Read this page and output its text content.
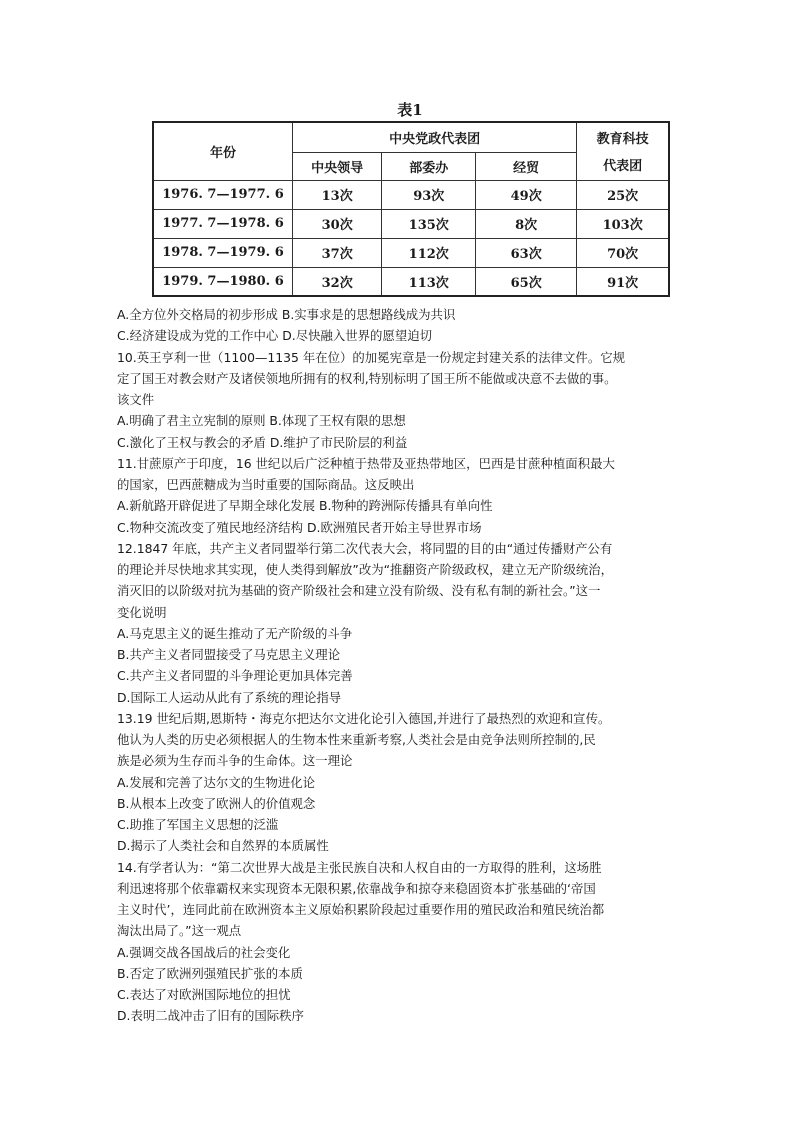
表1
年份	中央党政代表团			教育科技
代表团

	中央领导	部委办	经贸	
1976. 7—1977. 6	13次	93次	49次	25次
1977. 7—1978. 6	30次	135次	8次	103次
1978. 7—1979. 6	37次	112次	63次	70次
1979. 7—1980. 6	32次	113次	65次	91次

A.全方位外交格局的初步形成 B.实事求是的思想路线成为共识

C.经济建设成为党的工作中心 D.尽快融入世界的愿望迫切

10.英王亨利一世（1100—1135 年在位）的加冕宪章是一份规定封建关系的法律文件。它规

定了国王对教会财产及诸侯领地所拥有的权利,特别标明了国王所不能做或决意不去做的事。

该文件

A.明确了君主立宪制的原则 B.体现了王权有限的思想

C.激化了王权与教会的矛盾 D.维护了市民阶层的利益

11.甘蔗原产于印度，16 世纪以后广泛种植于热带及亚热带地区，巴西是甘蔗种植面积最大

的国家，巴西蔗糖成为当时重要的国际商品。这反映出

A.新航路开辟促进了早期全球化发展 B.物种的跨洲际传播具有单向性

C.物种交流改变了殖民地经济结构 D.欧洲殖民者开始主导世界市场

12.1847 年底，共产主义者同盟举行第二次代表大会，将同盟的目的由“通过传播财产公有

的理论并尽快地求其实现，使人类得到解放”改为“推翻资产阶级政权，建立无产阶级统治，

消灭旧的以阶级对抗为基础的资产阶级社会和建立没有阶级、没有私有制的新社会。”这一

变化说明

A.马克思主义的诞生推动了无产阶级的斗争

B.共产主义者同盟接受了马克思主义理论

C.共产主义者同盟的斗争理论更加具体完善

D.国际工人运动从此有了系统的理论指导

13.19 世纪后期,恩斯特・海克尔把达尔文进化论引入德国,并进行了最热烈的欢迎和宣传。

他认为人类的历史必须根据人的生物本性来重新考察,人类社会是由竞争法则所控制的,民

族是必须为生存而斗争的生命体。这一理论

A.发展和完善了达尔文的生物进化论

B.从根本上改变了欧洲人的价值观念

C.助推了军国主义思想的泛滥

D.揭示了人类社会和自然界的本质属性

14.有学者认为：“第二次世界大战是主张民族自决和人权自由的一方取得的胜利，这场胜

利迅速将那个依靠霸权来实现资本无限积累,依靠战争和掠夺来稳固资本扩张基础的‘帝国

主义时代’，连同此前在欧洲资本主义原始积累阶段起过重要作用的殖民政治和殖民统治都

淘汰出局了。”这一观点

A.强调交战各国战后的社会变化

B.否定了欧洲列强殖民扩张的本质

C.表达了对欧洲国际地位的担忧

D.表明二战冲击了旧有的国际秩序
